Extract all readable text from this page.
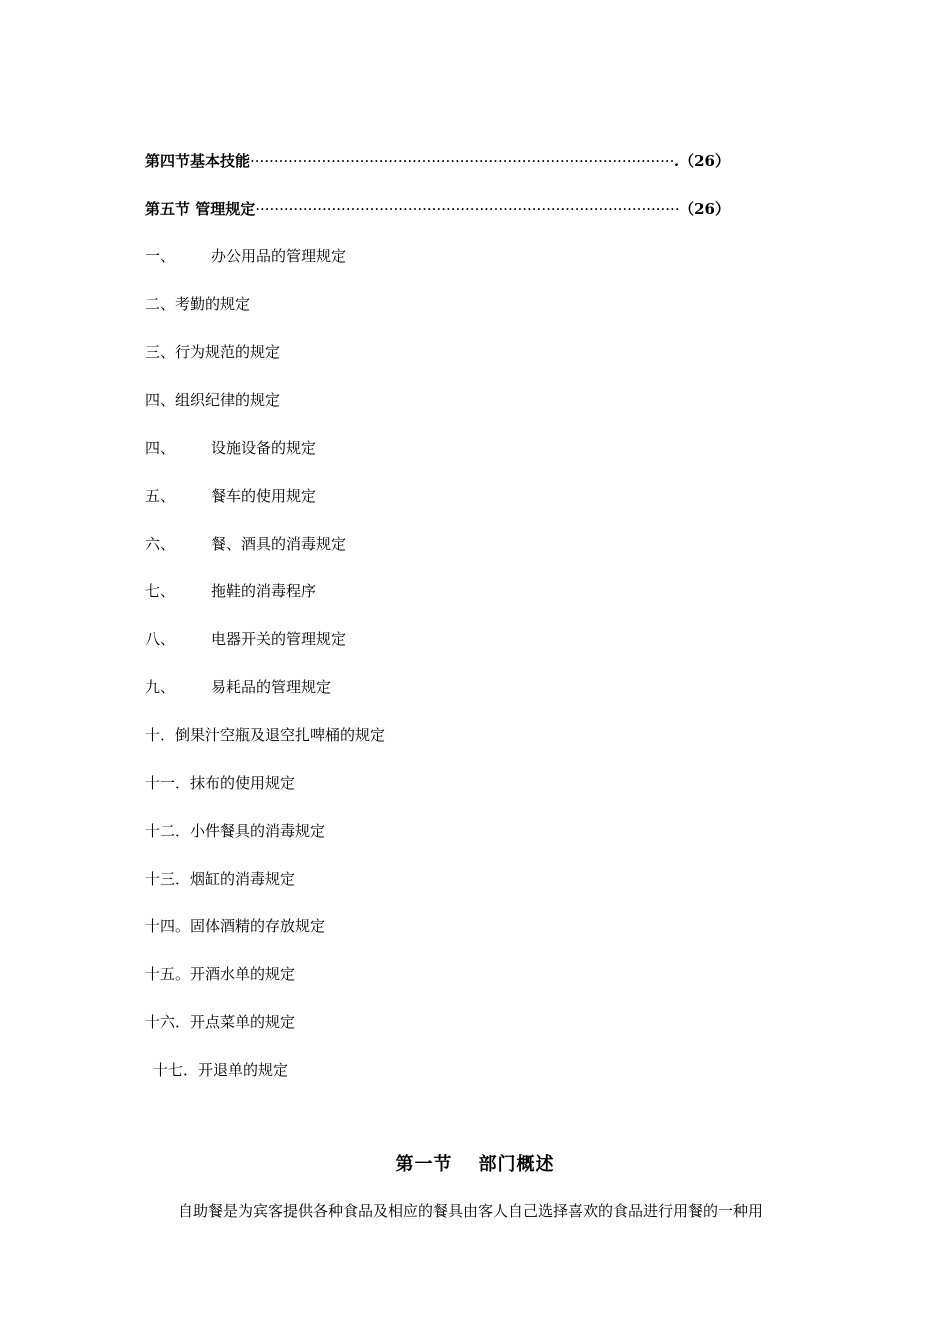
第四节基本技能 ·····	.（26）
第五节 管理规定 ·····	（26）
一、	办公用品的管理规定
二、 考勤的规定
三、 行为规范的规定
四、 组织纪律的规定
四、	设施设备的规定
五、	餐车的使用规定
六、	餐、酒具的消毒规定
七、	拖鞋的消毒程序
八、	电器开关的管理规定
九、	易耗品的管理规定
十． 倒果汁空瓶及退空扎啤桶的规定
十一． 抹布的使用规定
十二． 小件餐具的消毒规定
十三． 烟缸的消毒规定
十四。 固体酒精的存放规定
十五。 开酒水单的规定
十六． 开点菜单的规定
十七． 开退单的规定
第一节 部门概述
自助餐是为宾客提供各种食品及相应的餐具由客人自己选择喜欢的食品进行用餐的一种用
